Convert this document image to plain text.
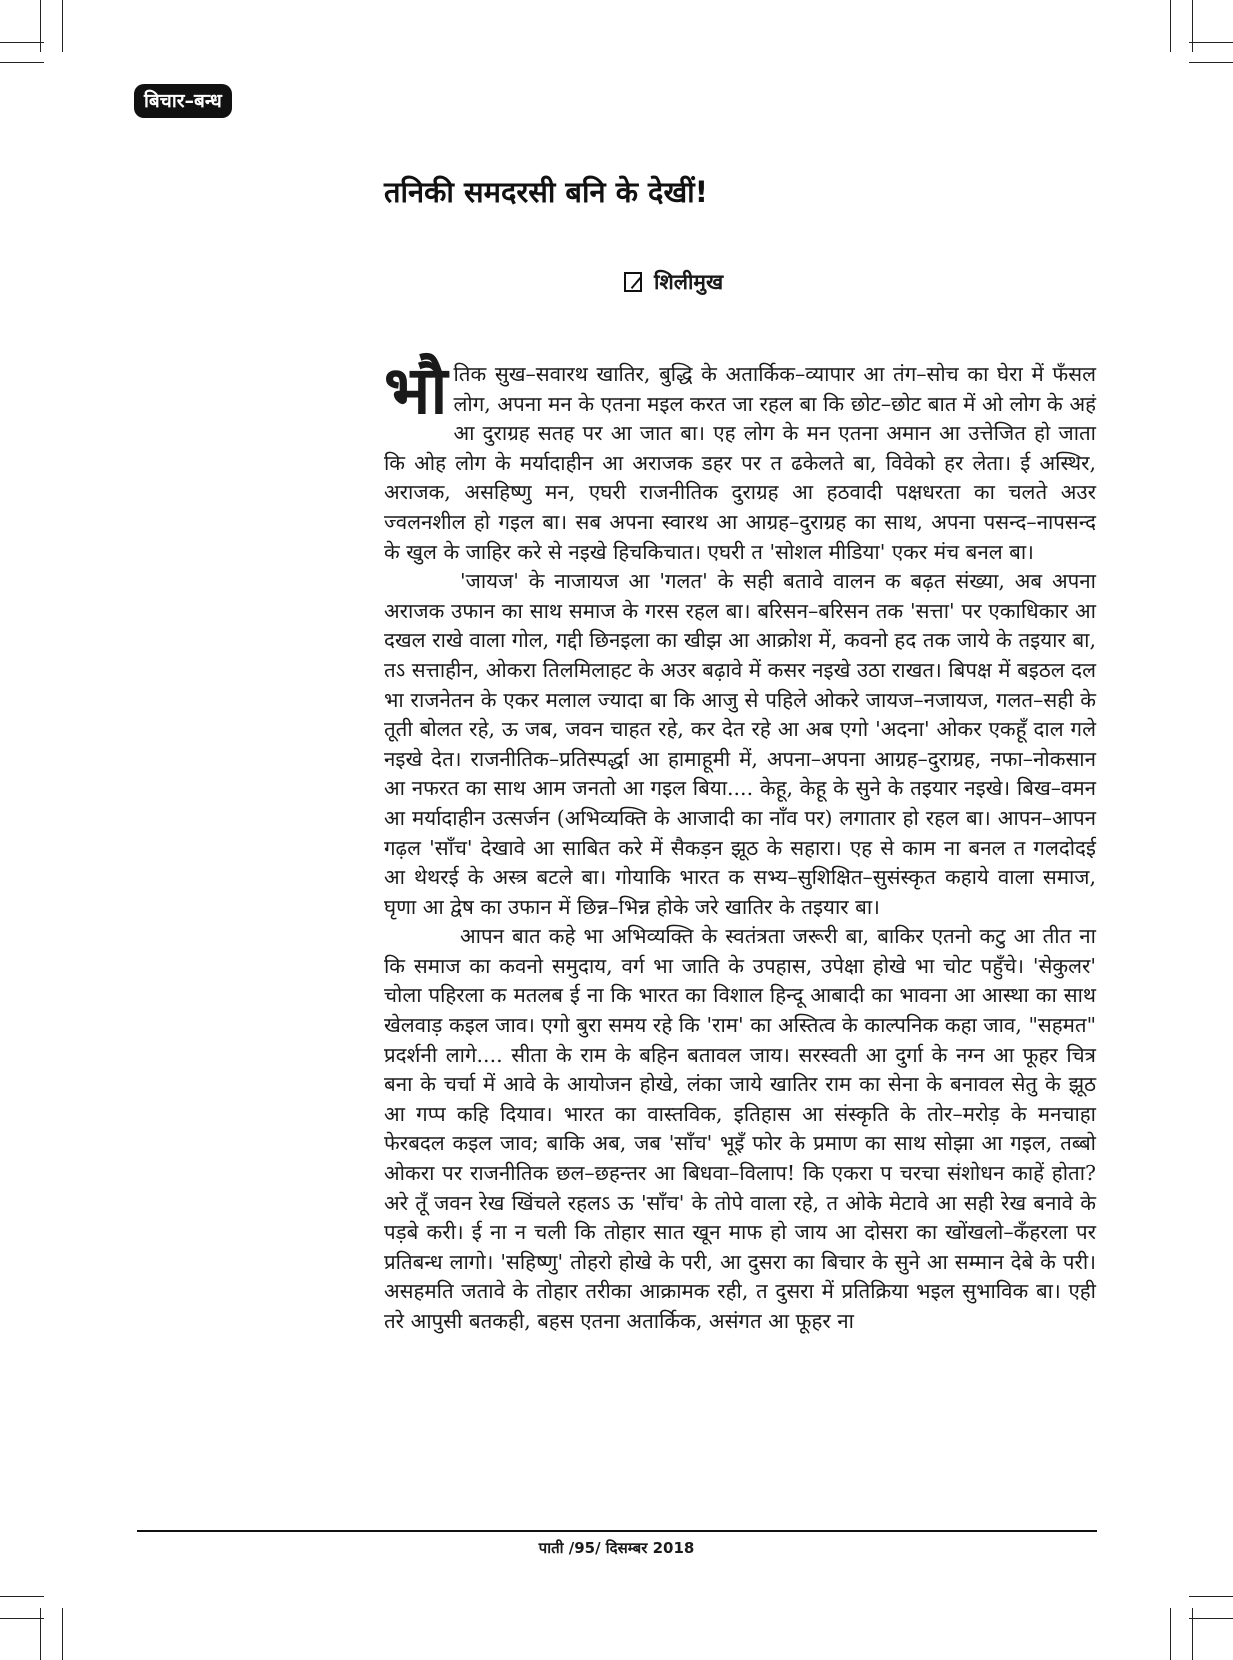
बिचार–बन्ध
तनिकी समदरसी बनि के देखीं!
शिलीमुख

भौतिक सुख–सवारथ खातिर, बुद्धि के अतार्किक–व्यापार आ तंग–सोच का घेरा में फँसल लोग, अपना मन के एतना मइल करत जा रहल बा कि छोट–छोट बात में ओ लोग के अहं आ दुराग्रह सतह पर आ जात बा। एह लोग के मन एतना अमान आ उत्तेजित हो जाता कि ओह लोग के मर्यादाहीन आ अराजक डहर पर त ढकेलते बा, विवेको हर लेता। ई अस्थिर, अराजक, असहिष्णु मन, एघरी राजनीतिक दुराग्रह आ हठवादी पक्षधरता का चलते अउर ज्वलनशील हो गइल बा। सब अपना स्वारथ आ आग्रह–दुराग्रह का साथ, अपना पसन्द–नापसन्द के खुल के जाहिर करे से नइखे हिचकिचात। एघरी त 'सोशल मीडिया' एकर मंच बनल बा।

'जायज' के नाजायज आ 'गलत' के सही बतावे वालन क बढ़त संख्या, अब अपना अराजक उफान का साथ समाज के गरस रहल बा। बरिसन–बरिसन तक 'सत्ता' पर एकाधिकार आ दखल राखे वाला गोल, गद्दी छिनइला का खीझ आ आक्रोश में, कवनो हद तक जाये के तइयार बा, तऽ सत्ताहीन, ओकरा तिलमिलाहट के अउर बढ़ावे में कसर नइखे उठा राखत। बिपक्ष में बइठल दल भा राजनेतन के एकर मलाल ज्यादा बा कि आजु से पहिले ओकरे जायज–नजायज, गलत–सही के तूती बोलत रहे, ऊ जब, जवन चाहत रहे, कर देत रहे आ अब एगो 'अदना' ओकर एकहूँ दाल गले नइखे देत। राजनीतिक–प्रतिस्पर्द्धा आ हामाहूमी में, अपना–अपना आग्रह–दुराग्रह, नफा–नोकसान आ नफरत का साथ आम जनतो आ गइल बिया.... केहू, केहू के सुने के तइयार नइखे। बिख–वमन आ मर्यादाहीन उत्सर्जन (अभिव्यक्ति के आजादी का नाँव पर) लगातार हो रहल बा। आपन–आपन गढ़ल 'साँच' देखावे आ साबित करे में सैकड़न झूठ के सहारा। एह से काम ना बनल त गलदोदई आ थेथरई के अस्त्र बटले बा। गोयाकि भारत क सभ्य–सुशिक्षित–सुसंस्कृत कहाये वाला समाज, घृणा आ द्वेष का उफान में छिन्न–भिन्न होके जरे खातिर के तइयार बा।

आपन बात कहे भा अभिव्यक्ति के स्वतंत्रता जरूरी बा, बाकिर एतनो कटु आ तीत ना कि समाज का कवनो समुदाय, वर्ग भा जाति के उपहास, उपेक्षा होखे भा चोट पहुँचे। 'सेकुलर' चोला पहिरला क मतलब ई ना कि भारत का विशाल हिन्दू आबादी का भावना आ आस्था का साथ खेलवाड़ कइल जाव। एगो बुरा समय रहे कि 'राम' का अस्तित्व के काल्पनिक कहा जाव, "सहमत" प्रदर्शनी लागे.... सीता के राम के बहिन बतावल जाय। सरस्वती आ दुर्गा के नग्न आ फूहर चित्र बना के चर्चा में आवे के आयोजन होखे, लंका जाये खातिर राम का सेना के बनावल सेतु के झूठ आ गप्प कहि दियाव। भारत का वास्तविक, इतिहास आ संस्कृति के तोर–मरोड़ के मनचाहा फेरबदल कइल जाव; बाकि अब, जब 'साँच' भूइँ फोर के प्रमाण का साथ सोझा आ गइल, तब्बो ओकरा पर राजनीतिक छल–छहन्तर आ बिधवा–विलाप! कि एकरा प चरचा संशोधन काहें होता? अरे तूँ जवन रेख खिंचले रहलऽ ऊ 'साँच' के तोपे वाला रहे, त ओके मेटावे आ सही रेख बनावे के पड़बे करी। ई ना न चली कि तोहार सात खून माफ हो जाय आ दोसरा का खोंखलो–कँहरला पर प्रतिबन्ध लागो। 'सहिष्णु' तोहरो होखे के परी, आ दुसरा का बिचार के सुने आ सम्मान देबे के परी। असहमति जतावे के तोहार तरीका आक्रामक रही, त दुसरा में प्रतिक्रिया भइल सुभाविक बा। एही तरे आपुसी बतकही, बहस एतना अतार्किक, असंगत आ फूहर ना

पाती /95/ दिसम्बर 2018
